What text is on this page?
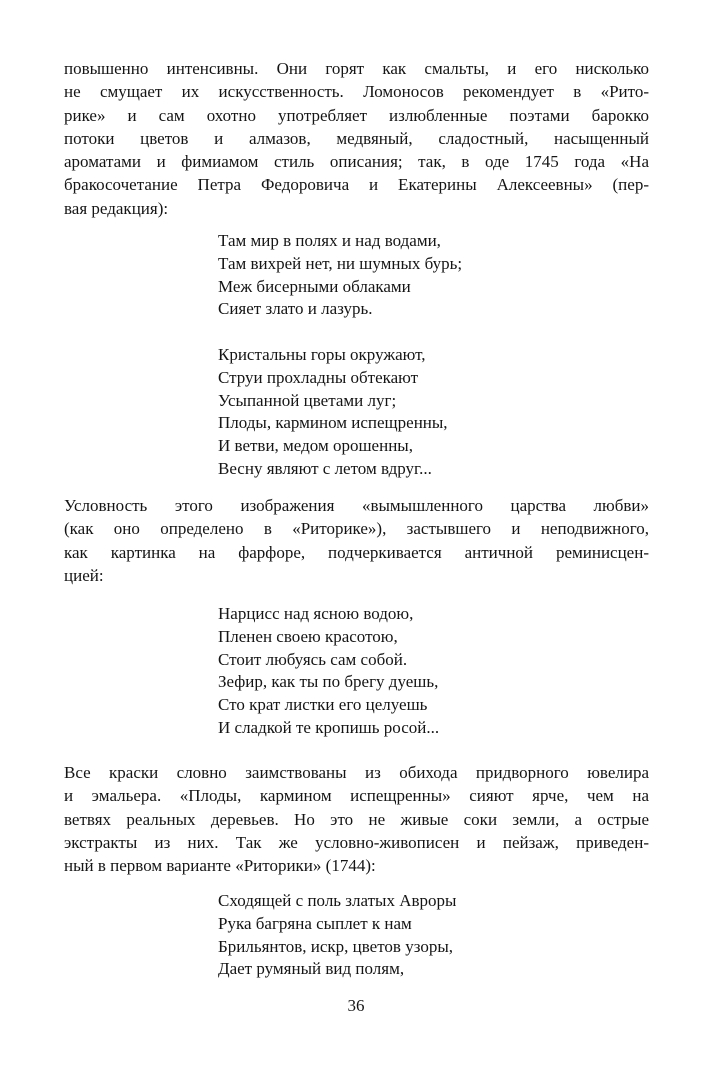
повышенно интенсивны. Они горят как смальты, и его нисколько
не смущает их искусственность. Ломоносов рекомендует в «Рито-
рике» и сам охотно употребляет излюбленные поэтами барокко
потоки цветов и алмазов, медвяный, сладостный, насыщенный
ароматами и фимиамом стиль описания; так, в оде 1745 года «На
бракосочетание Петра Федоровича и Екатерины Алексеевны» (пер-
вая редакция):
Там мир в полях и над водами,
Там вихрей нет, ни шумных бурь;
Меж бисерными облаками
Сияет злато и лазурь.
Кристальны горы окружают,
Струи прохладны обтекают
Усыпанной цветами луг;
Плоды, кармином испещренны,
И ветви, медом орошенны,
Весну являют с летом вдруг...
Условность этого изображения «вымышленного царства любви»
(как оно определено в «Риторике»), застывшего и неподвижного,
как картинка на фарфоре, подчеркивается античной реминисцен-
цией:
Нарцисс над ясною водою,
Пленен своею красотою,
Стоит любуясь сам собой.
Зефир, как ты по брегу дуешь,
Сто крат листки его целуешь
И сладкой те кропишь росой...
Все краски словно заимствованы из обихода придворного ювелира
и эмальера. «Плоды, кармином испещренны» сияют ярче, чем на
ветвях реальных деревьев. Но это не живые соки земли, а острые
экстракты из них. Так же условно-живописен и пейзаж, приведен-
ный в первом варианте «Риторики» (1744):
Сходящей с поль златых Авроры
Рука багряна сыплет к нам
Брильянтов, искр, цветов узоры,
Дает румяный вид полям,
36
